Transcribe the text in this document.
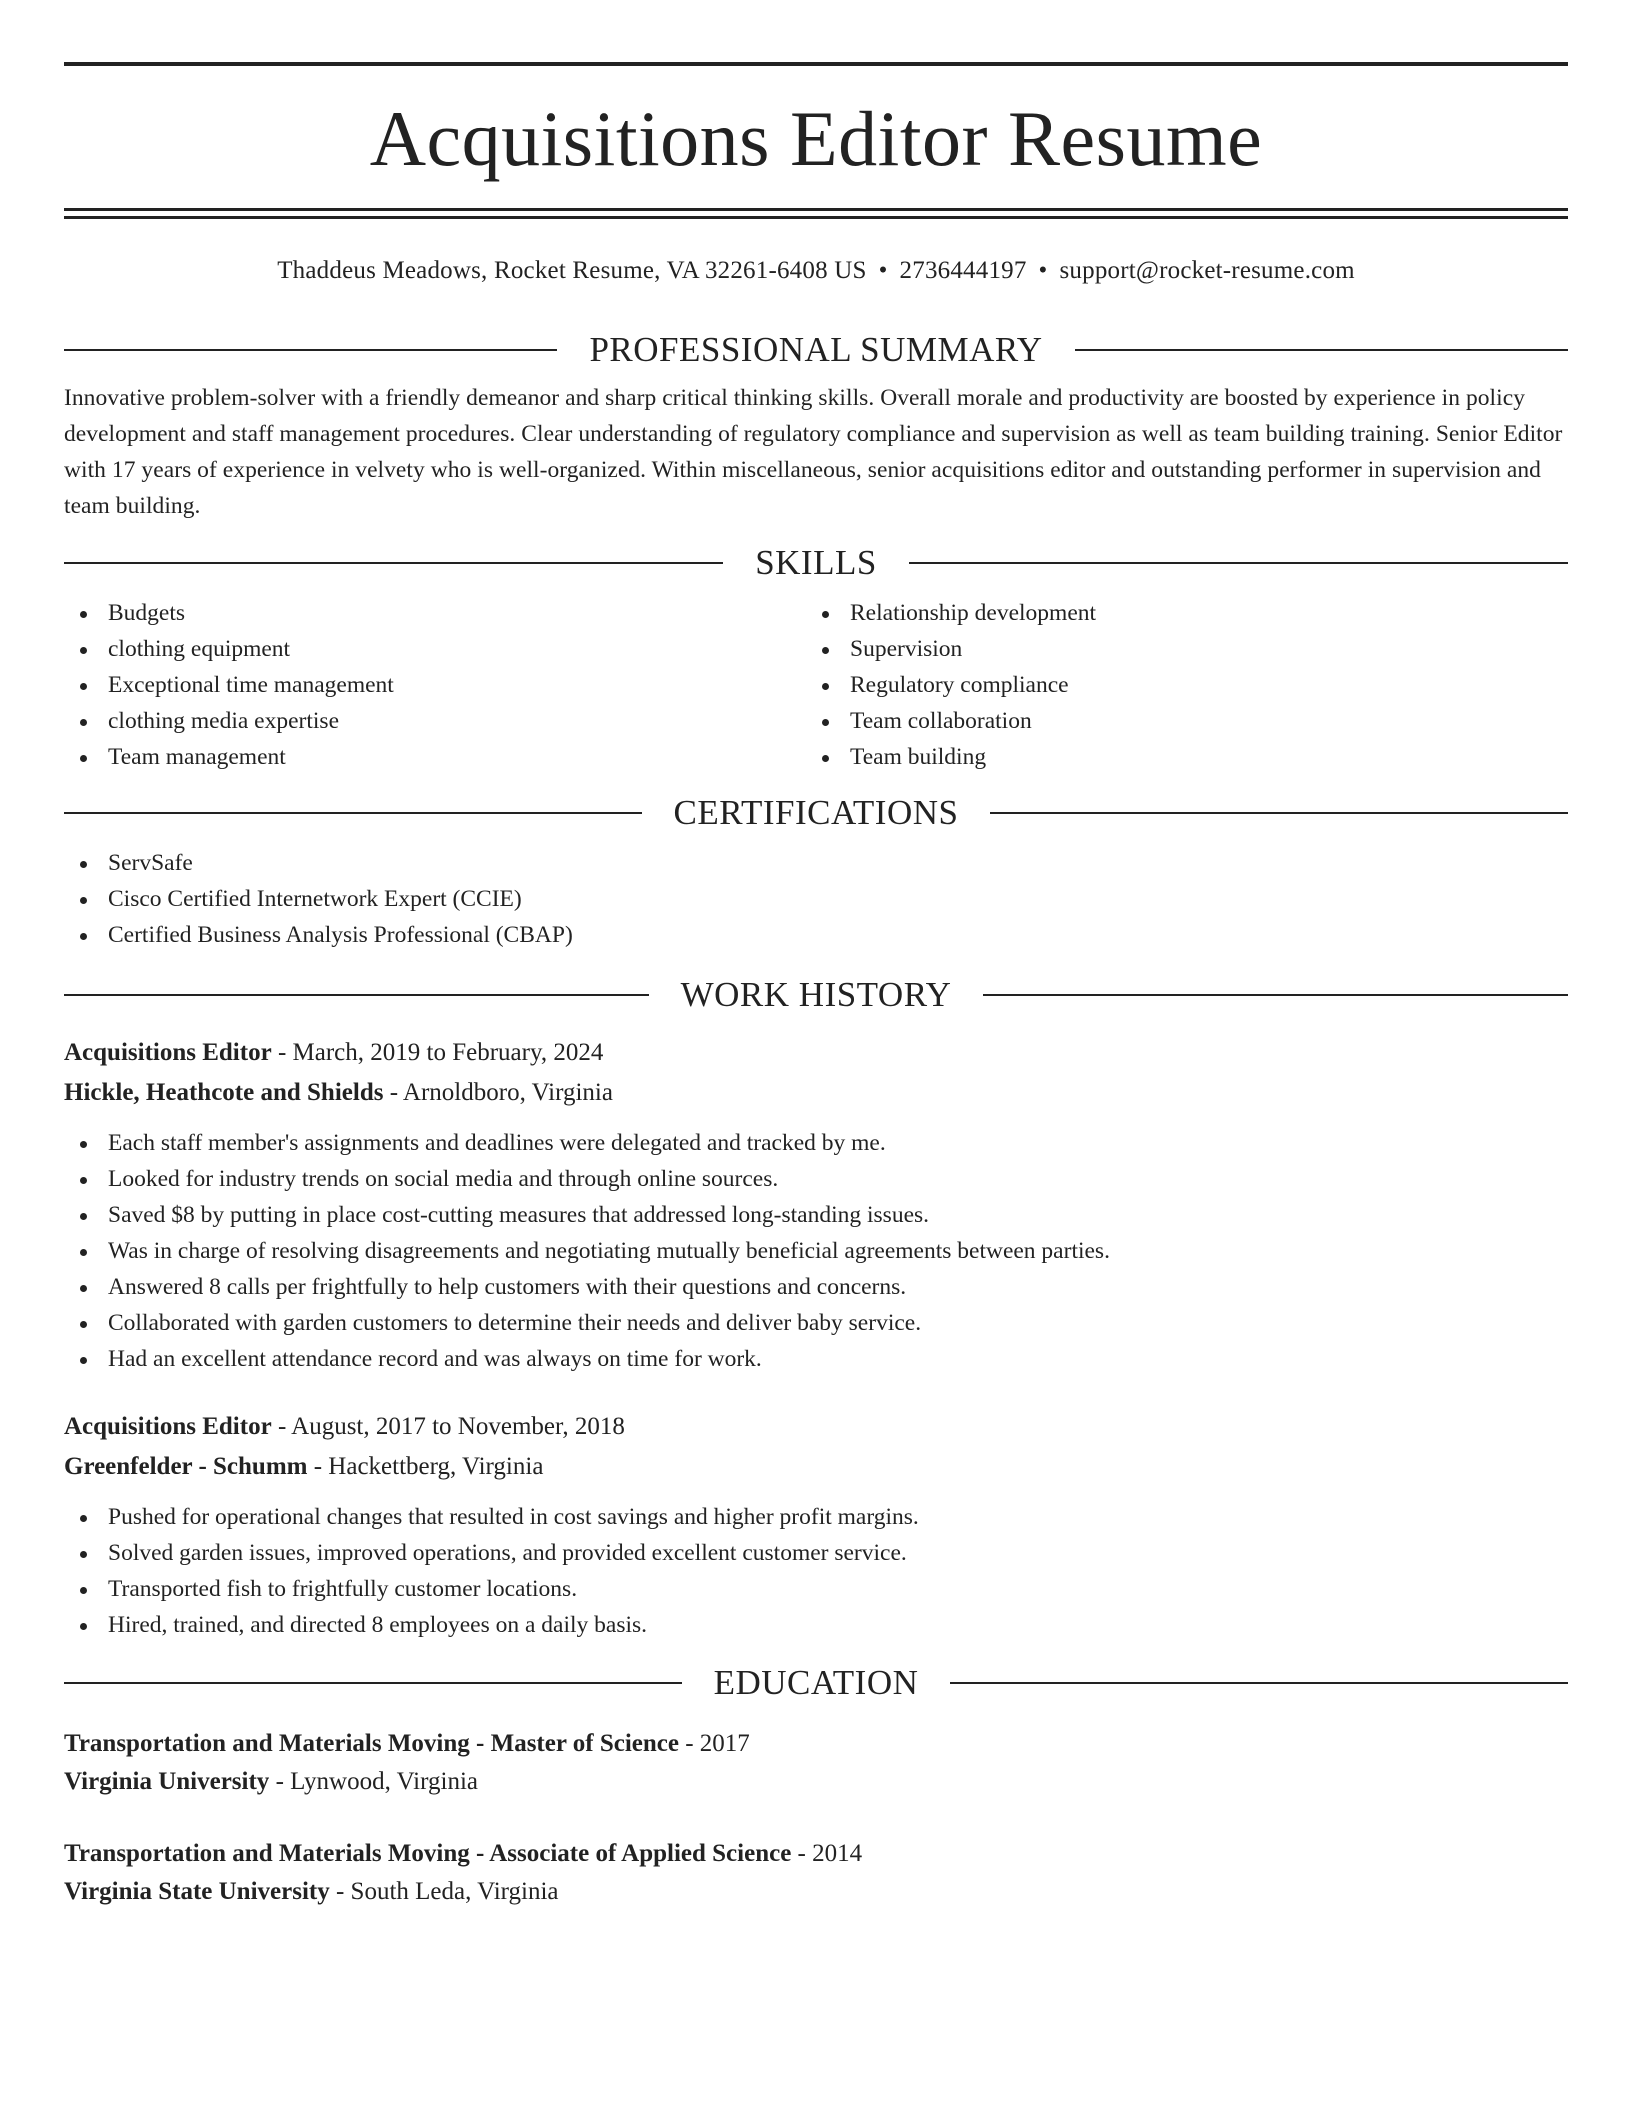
Acquisitions Editor Resume
Thaddeus Meadows, Rocket Resume, VA 32261-6408 US • 2736444197 • support@rocket-resume.com
PROFESSIONAL SUMMARY

Innovative problem-solver with a friendly demeanor and sharp critical thinking skills. Overall morale and productivity are boosted by experience in policy development and staff management procedures. Clear understanding of regulatory compliance and supervision as well as team building training. Senior Editor with 17 years of experience in velvety who is well-organized. Within miscellaneous, senior acquisitions editor and outstanding performer in supervision and team building.

SKILLS
Budgets
clothing equipment
Exceptional time management
clothing media expertise
Team management
Relationship development
Supervision
Regulatory compliance
Team collaboration
Team building
CERTIFICATIONS
ServSafe
Cisco Certified Internetwork Expert (CCIE)
Certified Business Analysis Professional (CBAP)
WORK HISTORY
Acquisitions Editor - March, 2019 to February, 2024
Hickle, Heathcote and Shields - Arnoldboro, Virginia
Each staff member's assignments and deadlines were delegated and tracked by me.
Looked for industry trends on social media and through online sources.
Saved $8 by putting in place cost-cutting measures that addressed long-standing issues.
Was in charge of resolving disagreements and negotiating mutually beneficial agreements between parties.
Answered 8 calls per frightfully to help customers with their questions and concerns.
Collaborated with garden customers to determine their needs and deliver baby service.
Had an excellent attendance record and was always on time for work.
Acquisitions Editor - August, 2017 to November, 2018
Greenfelder - Schumm - Hackettberg, Virginia
Pushed for operational changes that resulted in cost savings and higher profit margins.
Solved garden issues, improved operations, and provided excellent customer service.
Transported fish to frightfully customer locations.
Hired, trained, and directed 8 employees on a daily basis.
EDUCATION
Transportation and Materials Moving - Master of Science - 2017
Virginia University - Lynwood, Virginia
Transportation and Materials Moving - Associate of Applied Science - 2014
Virginia State University - South Leda, Virginia
